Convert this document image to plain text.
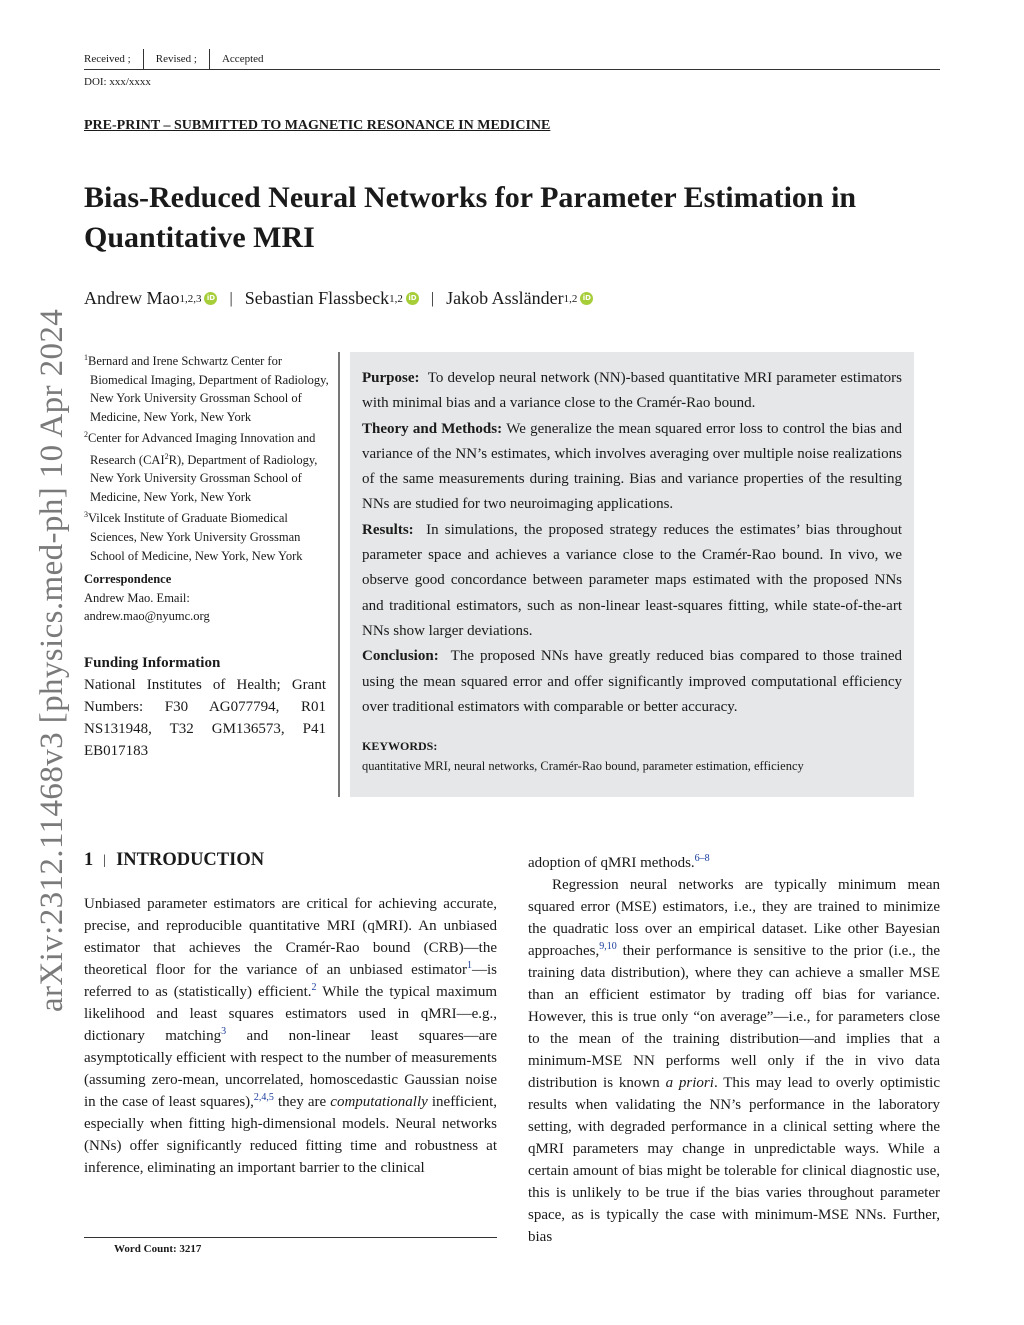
Received ;	Revised ;	Accepted
DOI: xxx/xxxx
PRE-PRINT – SUBMITTED TO MAGNETIC RESONANCE IN MEDICINE
Bias-Reduced Neural Networks for Parameter Estimation in Quantitative MRI
Andrew Mao 1,2,3 iD | Sebastian Flassbeck 1,2 iD | Jakob Assländer 1,2 iD
arXiv:2312.11468v3 [physics.med-ph] 10 Apr 2024 $^1$Bernard and Irene Schwartz Center for Biomedical Imaging, Department of Radiology, New York University Grossman School of Medicine, New York, New York
$^2$Center for Advanced Imaging Innovation and Research (CAI$^2$R), Department of Radiology, New York University Grossman School of Medicine, New York, New York
$^3$Vilcek Institute of Graduate Biomedical Sciences, New York University Grossman School of Medicine, New York, New York
Correspondence
Andrew Mao. Email:
andrew.mao@nyumc.org
Funding Information
National Institutes of Health; Grant Numbers: F30 AG077794, R01 NS131948, T32 GM136573, P41 EB017183
Purpose: To develop neural network (NN)-based quantitative MRI parameter estimators with minimal bias and a variance close to the Cramér-Rao bound.
Theory and Methods: We generalize the mean squared error loss to control the bias and variance of the NN’s estimates, which involves averaging over multiple noise realizations of the same measurements during training. Bias and variance properties of the resulting NNs are studied for two neuroimaging applications.
Results: In simulations, the proposed strategy reduces the estimates’ bias throughout parameter space and achieves a variance close to the Cramér-Rao bound. In vivo, we observe good concordance between parameter maps estimated with the proposed NNs and traditional estimators, such as non-linear least-squares fitting, while state-of-the-art NNs show larger deviations.
Conclusion: The proposed NNs have greatly reduced bias compared to those trained using the mean squared error and offer significantly improved computational efficiency over traditional estimators with comparable or better accuracy.
KEYWORDS:
quantitative MRI, neural networks, Cramér-Rao bound, parameter estimation, efficiency
1 | INTRODUCTION
Unbiased parameter estimators are critical for achieving accurate, precise, and reproducible quantitative MRI (qMRI). An unbiased estimator that achieves the Cramér-Rao bound (CRB)—the theoretical floor for the variance of an unbiased estimator$^1$—is referred to as (statistically) efficient.$^2$ While the typical maximum likelihood and least squares estimators used in qMRI—e.g., dictionary matching$^3$ and non-linear least squares—are asymptotically efficient with respect to the number of measurements (assuming zero-mean, uncorrelated, homoscedastic Gaussian noise in the case of least squares),$^{2,4,5}$ they are computationally inefficient, especially when fitting high-dimensional models. Neural networks (NNs) offer significantly reduced fitting time and robustness at inference, eliminating an important barrier to the clinical

adoption of qMRI methods.$^{6-8}$

Regression neural networks are typically minimum mean squared error (MSE) estimators, i.e., they are trained to minimize the quadratic loss over an empirical dataset. Like other Bayesian approaches,$^{9,10}$ their performance is sensitive to the prior (i.e., the training data distribution), where they can achieve a smaller MSE than an efficient estimator by trading off bias for variance. However, this is true only “on average”—i.e., for parameters close to the mean of the training distribution—and implies that a minimum-MSE NN performs well only if the in vivo data distribution is known a priori. This may lead to overly optimistic results when validating the NN’s performance in the laboratory setting, with degraded performance in a clinical setting where the qMRI parameters may change in unpredictable ways. While a certain amount of bias might be tolerable for clinical diagnostic use, this is unlikely to be true if the bias varies throughout parameter space, as is typically the case with minimum-MSE NNs. Further, bias

Word Count: 3217
